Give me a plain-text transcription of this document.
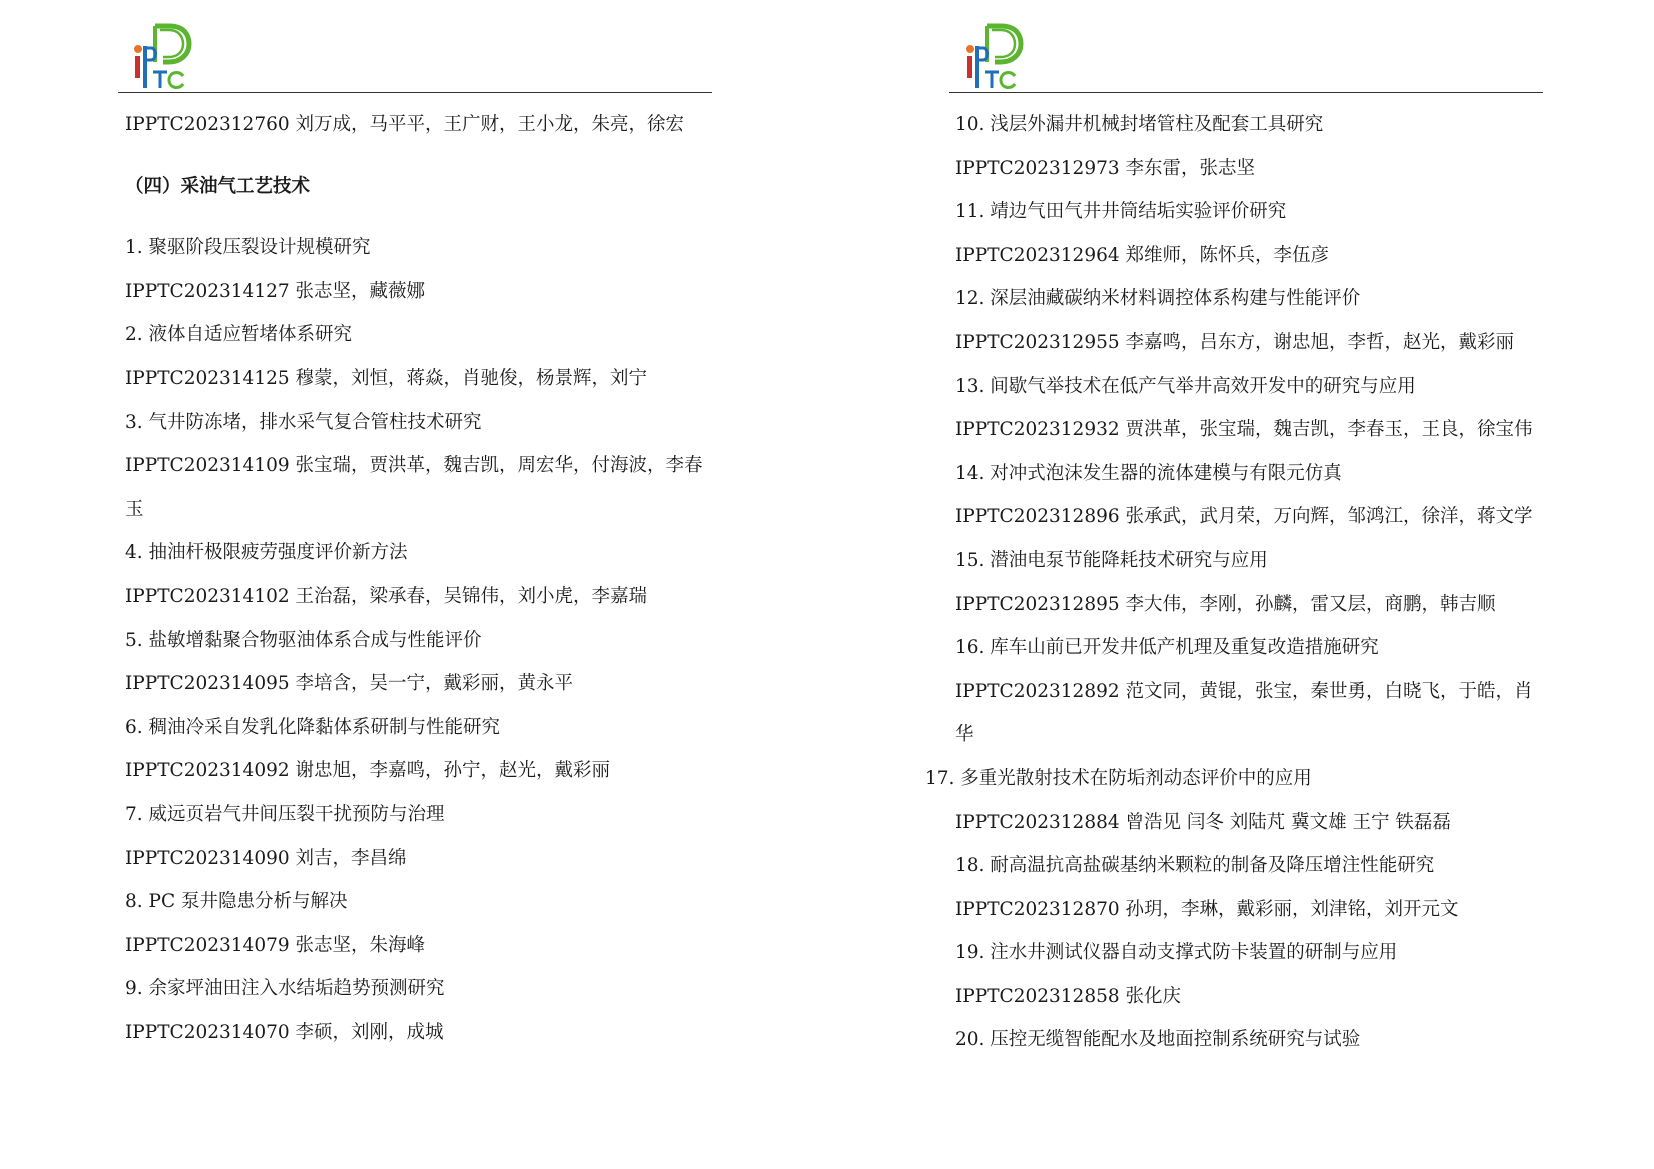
IPPTC202312760 刘万成，马平平，王广财，王小龙，朱亮，徐宏
（四）采油气工艺技术
1. 聚驱阶段压裂设计规模研究
IPPTC202314127 张志坚，藏薇娜
2. 液体自适应暂堵体系研究
IPPTC202314125 穆蒙，刘恒，蒋焱，肖驰俊，杨景辉，刘宁
3. 气井防冻堵，排水采气复合管柱技术研究
IPPTC202314109 张宝瑞，贾洪革，魏吉凯，周宏华，付海波，李春
玉
4. 抽油杆极限疲劳强度评价新方法
IPPTC202314102 王治磊，梁承春，吴锦伟，刘小虎，李嘉瑞
5. 盐敏增黏聚合物驱油体系合成与性能评价
IPPTC202314095 李培含，吴一宁，戴彩丽，黄永平
6. 稠油冷采自发乳化降黏体系研制与性能研究
IPPTC202314092 谢忠旭，李嘉鸣，孙宁，赵光，戴彩丽
7. 威远页岩气井间压裂干扰预防与治理
IPPTC202314090 刘吉，李昌绵
8. PC 泵井隐患分析与解决
IPPTC202314079 张志坚，朱海峰
9. 余家坪油田注入水结垢趋势预测研究
IPPTC202314070 李硕，刘刚，成城
10. 浅层外漏井机械封堵管柱及配套工具研究
IPPTC202312973 李东雷，张志坚
11. 靖边气田气井井筒结垢实验评价研究
IPPTC202312964 郑维师，陈怀兵，李伍彦
12. 深层油藏碳纳米材料调控体系构建与性能评价
IPPTC202312955 李嘉鸣，吕东方，谢忠旭，李哲，赵光，戴彩丽
13. 间歇气举技术在低产气举井高效开发中的研究与应用
IPPTC202312932 贾洪革，张宝瑞，魏吉凯，李春玉，王良，徐宝伟
14. 对冲式泡沫发生器的流体建模与有限元仿真
IPPTC202312896 张承武，武月荣，万向辉，邹鸿江，徐洋，蒋文学
15. 潜油电泵节能降耗技术研究与应用
IPPTC202312895 李大伟，李刚，孙麟，雷又层，商鹏，韩吉顺
16. 库车山前已开发井低产机理及重复改造措施研究
IPPTC202312892 范文同，黄锟，张宝，秦世勇，白晓飞，于皓，肖
华
17. 多重光散射技术在防垢剂动态评价中的应用
IPPTC202312884 曾浩见 闫冬 刘陆芃 冀文雄 王宁 铁磊磊
18. 耐高温抗高盐碳基纳米颗粒的制备及降压增注性能研究
IPPTC202312870 孙玥，李琳，戴彩丽，刘津铭，刘开元文
19. 注水井测试仪器自动支撑式防卡装置的研制与应用
IPPTC202312858 张化庆
20. 压控无缆智能配水及地面控制系统研究与试验
